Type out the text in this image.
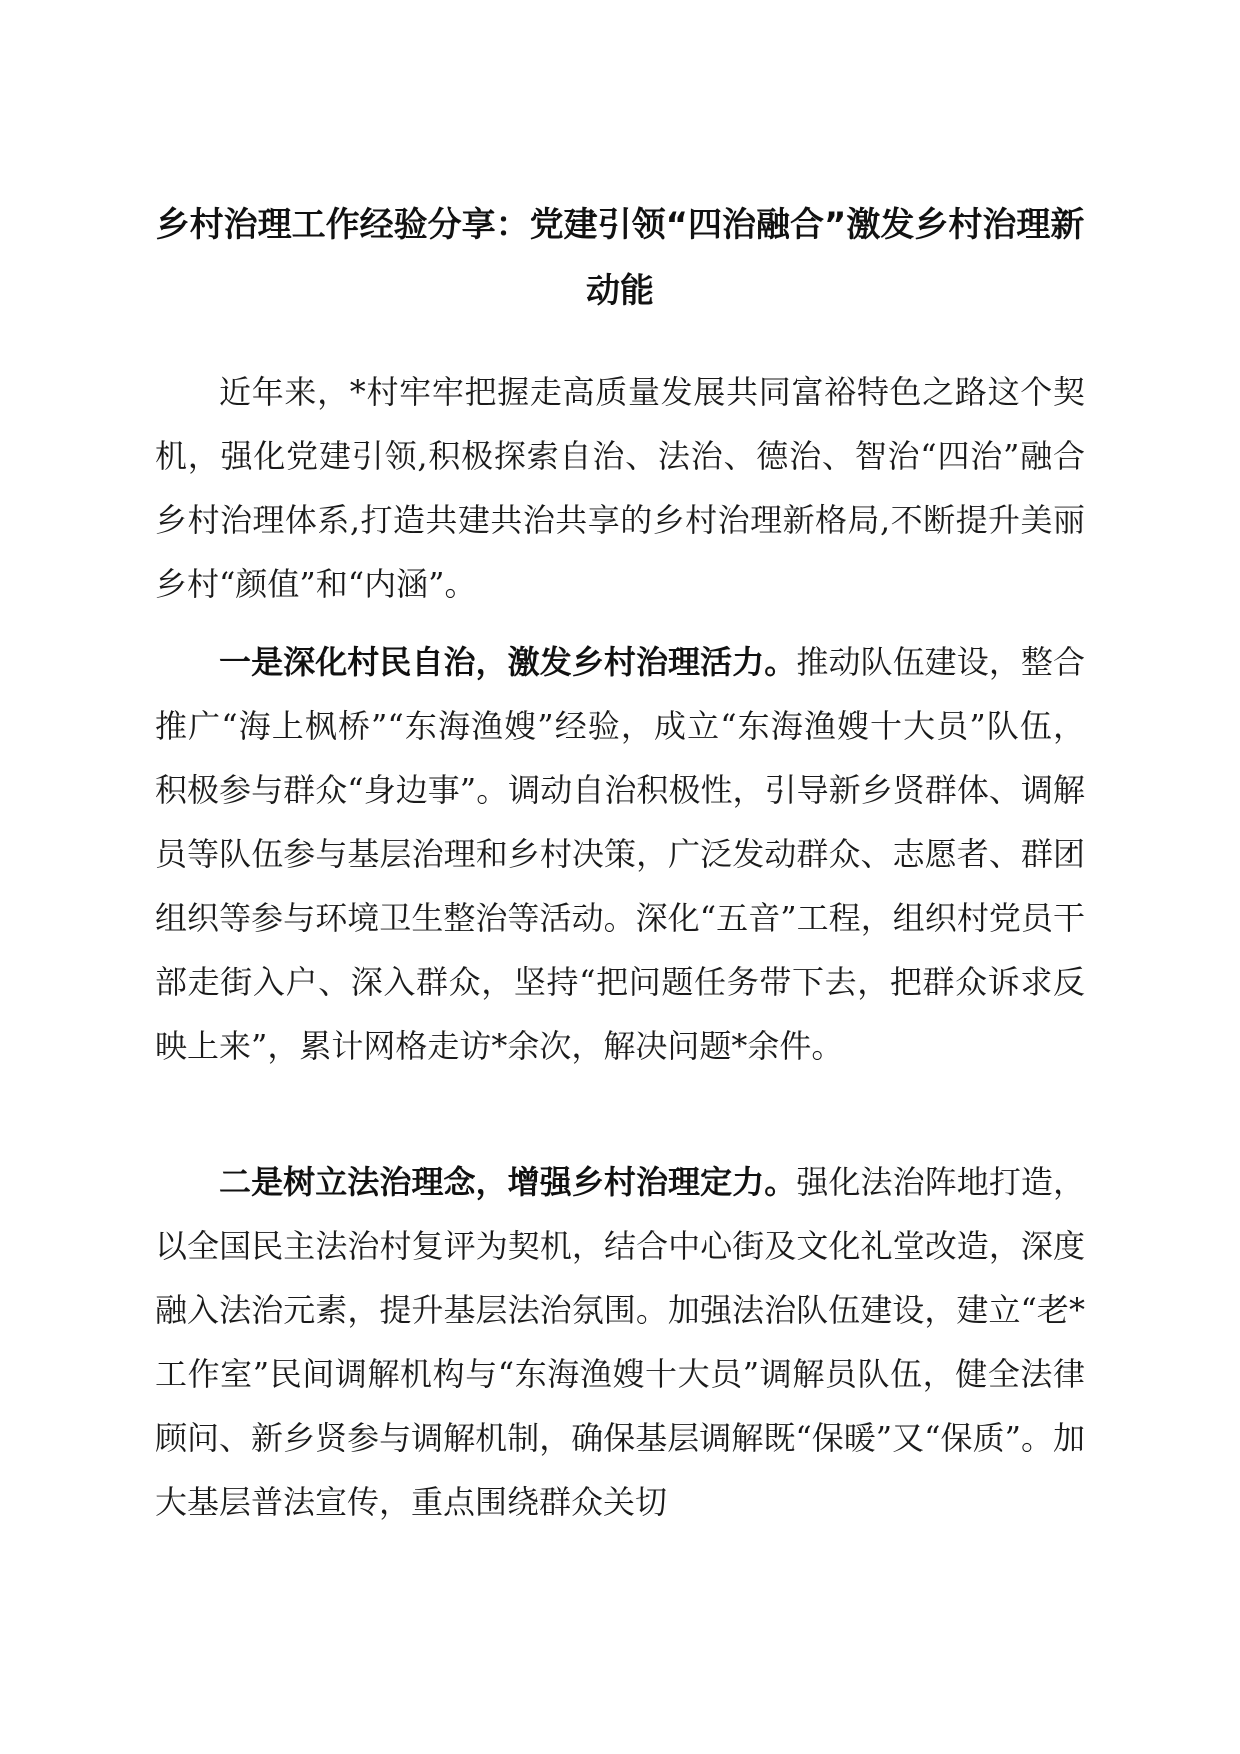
乡村治理工作经验分享：党建引领“四治融合”激发乡村治理新动能

近年来，*村牢牢把握走高质量发展共同富裕特色之路这个契机，强化党建引领,积极探索自治、法治、德治、智治“四治”融合乡村治理体系,打造共建共治共享的乡村治理新格局,不断提升美丽乡村“颜值”和“内涵”。

一是深化村民自治，激发乡村治理活力。推动队伍建设，整合推广“海上枫桥”“东海渔嫂”经验，成立“东海渔嫂十大员”队伍，积极参与群众“身边事”。调动自治积极性，引导新乡贤群体、调解员等队伍参与基层治理和乡村决策，广泛发动群众、志愿者、群团组织等参与环境卫生整治等活动。深化“五音”工程，组织村党员干部走街入户、深入群众，坚持“把问题任务带下去，把群众诉求反映上来”，累计网格走访*余次，解决问题*余件。

二是树立法治理念，增强乡村治理定力。强化法治阵地打造，以全国民主法治村复评为契机，结合中心街及文化礼堂改造，深度融入法治元素，提升基层法治氛围。加强法治队伍建设，建立“老*工作室”民间调解机构与“东海渔嫂十大员”调解员队伍，健全法律顾问、新乡贤参与调解机制，确保基层调解既“保暖”又“保质”。加大基层普法宣传，重点围绕群众关切
